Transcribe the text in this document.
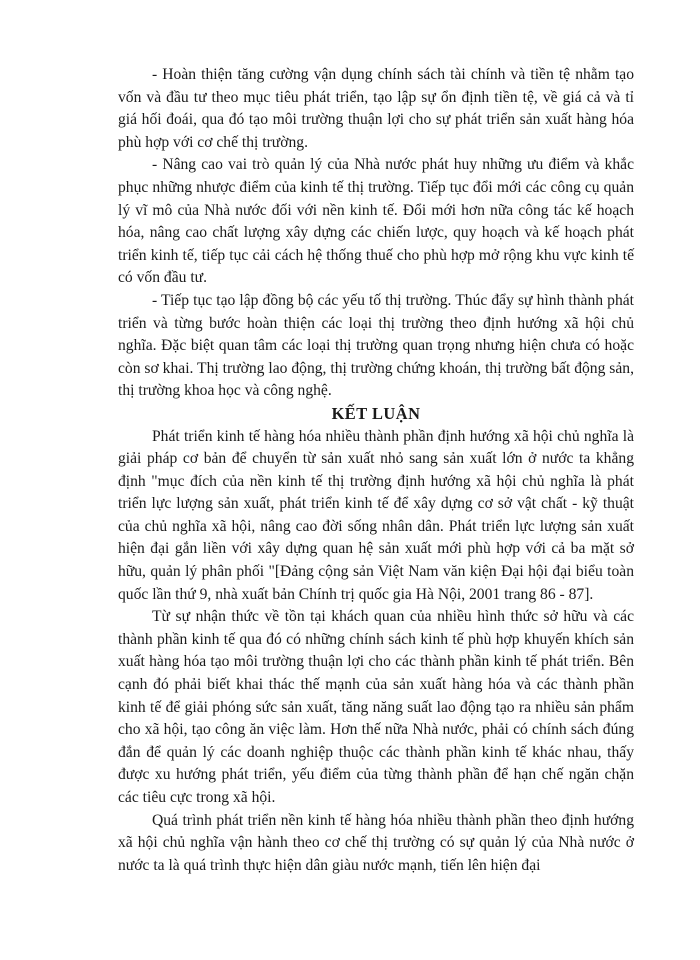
- Hoàn thiện tăng cường vận dụng chính sách tài chính và tiền tệ nhằm tạo vốn và đầu tư theo mục tiêu phát triển, tạo lập sự ổn định tiền tệ, về giá cả và tỉ giá hối đoái, qua đó tạo môi trường thuận lợi cho sự phát triển sản xuất hàng hóa phù hợp với cơ chế thị trường.

- Nâng cao vai trò quản lý của Nhà nước phát huy những ưu điểm và khắc phục những nhược điểm của kinh tế thị trường. Tiếp tục đổi mới các công cụ quản lý vĩ mô của Nhà nước đối với nền kinh tế. Đổi mới hơn nữa công tác kế hoạch hóa, nâng cao chất lượng xây dựng các chiến lược, quy hoạch và kế hoạch phát triển kinh tế, tiếp tục cải cách hệ thống thuế cho phù hợp mở rộng khu vực kinh tế có vốn đầu tư.

- Tiếp tục tạo lập đồng bộ các yếu tố thị trường. Thúc đẩy sự hình thành phát triển và từng bước hoàn thiện các loại thị trường theo định hướng xã hội chủ nghĩa. Đặc biệt quan tâm các loại thị trường quan trọng nhưng hiện chưa có hoặc còn sơ khai. Thị trường lao động, thị trường chứng khoán, thị trường bất động sản, thị trường khoa học và công nghệ.

KẾT LUẬN

Phát triển kinh tế hàng hóa nhiều thành phần định hướng xã hội chủ nghĩa là giải pháp cơ bản để chuyển từ sản xuất nhỏ sang sản xuất lớn ở nước ta khẳng định "mục đích của nền kinh tế thị trường định hướng xã hội chủ nghĩa là phát triển lực lượng sản xuất, phát triển kinh tế để xây dựng cơ sở vật chất - kỹ thuật của chủ nghĩa xã hội, nâng cao đời sống nhân dân. Phát triển lực lượng sản xuất hiện đại gắn liền với xây dựng quan hệ sản xuất mới phù hợp với cả ba mặt sở hữu, quản lý phân phối "[Đảng cộng sản Việt Nam văn kiện Đại hội đại biểu toàn quốc lần thứ 9, nhà xuất bản Chính trị quốc gia Hà Nội, 2001 trang 86 - 87].

Từ sự nhận thức về tồn tại khách quan của nhiều hình thức sở hữu và các thành phần kinh tế qua đó có những chính sách kinh tế phù hợp khuyến khích sản xuất hàng hóa tạo môi trường thuận lợi cho các thành phần kinh tế phát triển. Bên cạnh đó phải biết khai thác thế mạnh của sản xuất hàng hóa và các thành phần kinh tế để giải phóng sức sản xuất, tăng năng suất lao động tạo ra nhiều sản phẩm cho xã hội, tạo công ăn việc làm. Hơn thế nữa Nhà nước, phải có chính sách đúng đắn để quản lý các doanh nghiệp thuộc các thành phần kinh tế khác nhau, thấy được xu hướng phát triển, yếu điểm của từng thành phần để hạn chế ngăn chặn các tiêu cực trong xã hội.

Quá trình phát triển nền kinh tế hàng hóa nhiều thành phần theo định hướng xã hội chủ nghĩa vận hành theo cơ chế thị trường có sự quản lý của Nhà nước ở nước ta là quá trình thực hiện dân giàu nước mạnh, tiến lên hiện đại
